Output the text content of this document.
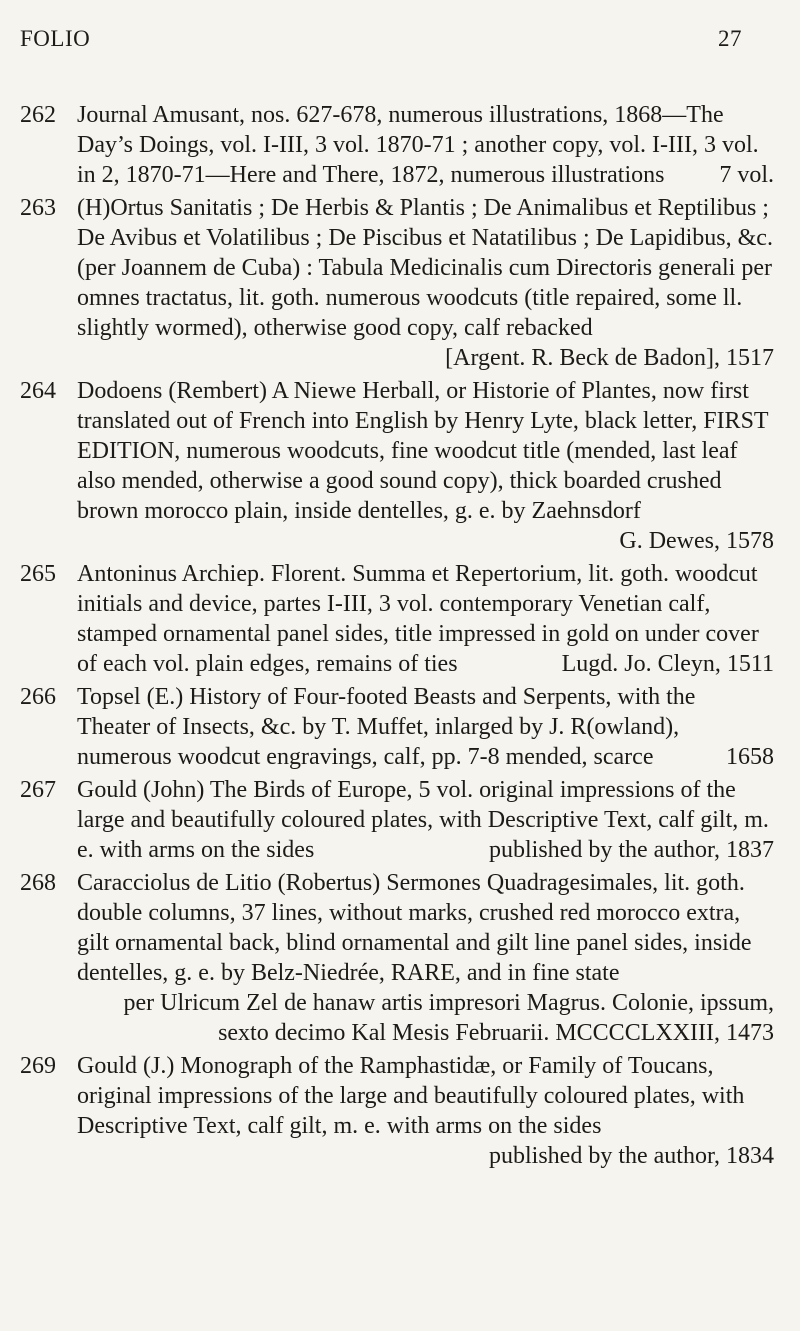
FOLIO	27
262 Journal Amusant, nos. 627-678, numerous illustrations, 1868—The Day’s Doings, vol. I-III, 3 vol. 1870-71 ; another copy, vol. I-III, 3 vol. in 2, 1870-71—Here and There, 1872, numerous illustrations 7 vol.
263 (H)Ortus Sanitatis ; De Herbis & Plantis ; De Animalibus et Reptilibus ; De Avibus et Volatilibus ; De Piscibus et Natatilibus ; De Lapidibus, &c. (per Joannem de Cuba) : Tabula Medicinalis cum Directoris generali per omnes tractatus, lit. goth. numerous woodcuts (title repaired, some ll. slightly wormed), otherwise good copy, calf rebacked
[Argent. R. Beck de Badon], 1517
264 Dodoens (Rembert) A Niewe Herball, or Historie of Plantes, now first translated out of French into English by Henry Lyte, black letter, FIRST EDITION, numerous woodcuts, fine woodcut title (mended, last leaf also mended, otherwise a good sound copy), thick boarded crushed brown morocco plain, inside dentelles, g. e. by Zaehnsdorf
G. Dewes, 1578
265 Antoninus Archiep. Florent. Summa et Repertorium, lit. goth. woodcut initials and device, partes I-III, 3 vol. contemporary Venetian calf, stamped ornamental panel sides, title impressed in gold on under cover of each vol. plain edges, remains of ties	Lugd. Jo. Cleyn, 1511
266 Topsel (E.) History of Four-footed Beasts and Serpents, with the Theater of Insects, &c. by T. Muffet, inlarged by J. R(owland), numerous woodcut engravings, calf, pp. 7-8 mended, scarce	1658
267 Gould (John) The Birds of Europe, 5 vol. original impressions of the large and beautifully coloured plates, with Descriptive Text, calf gilt, m. e. with arms on the sides	published by the author, 1837
268 Caracciolus de Litio (Robertus) Sermones Quadragesimales, lit. goth. double columns, 37 lines, without marks, crushed red morocco extra, gilt ornamental back, blind ornamental and gilt line panel sides, inside dentelles, g. e. by Belz-Niedrée, RARE, and in fine state
per Ulricum Zel de hanaw artis impresori Magrus. Colonie, ipssum, sexto decimo Kal Mesis Februarii. MCCCCLXXIII, 1473
269 Gould (J.) Monograph of the Ramphastidæ, or Family of Toucans, original impressions of the large and beautifully coloured plates, with Descriptive Text, calf gilt, m. e. with arms on the sides
published by the author, 1834
